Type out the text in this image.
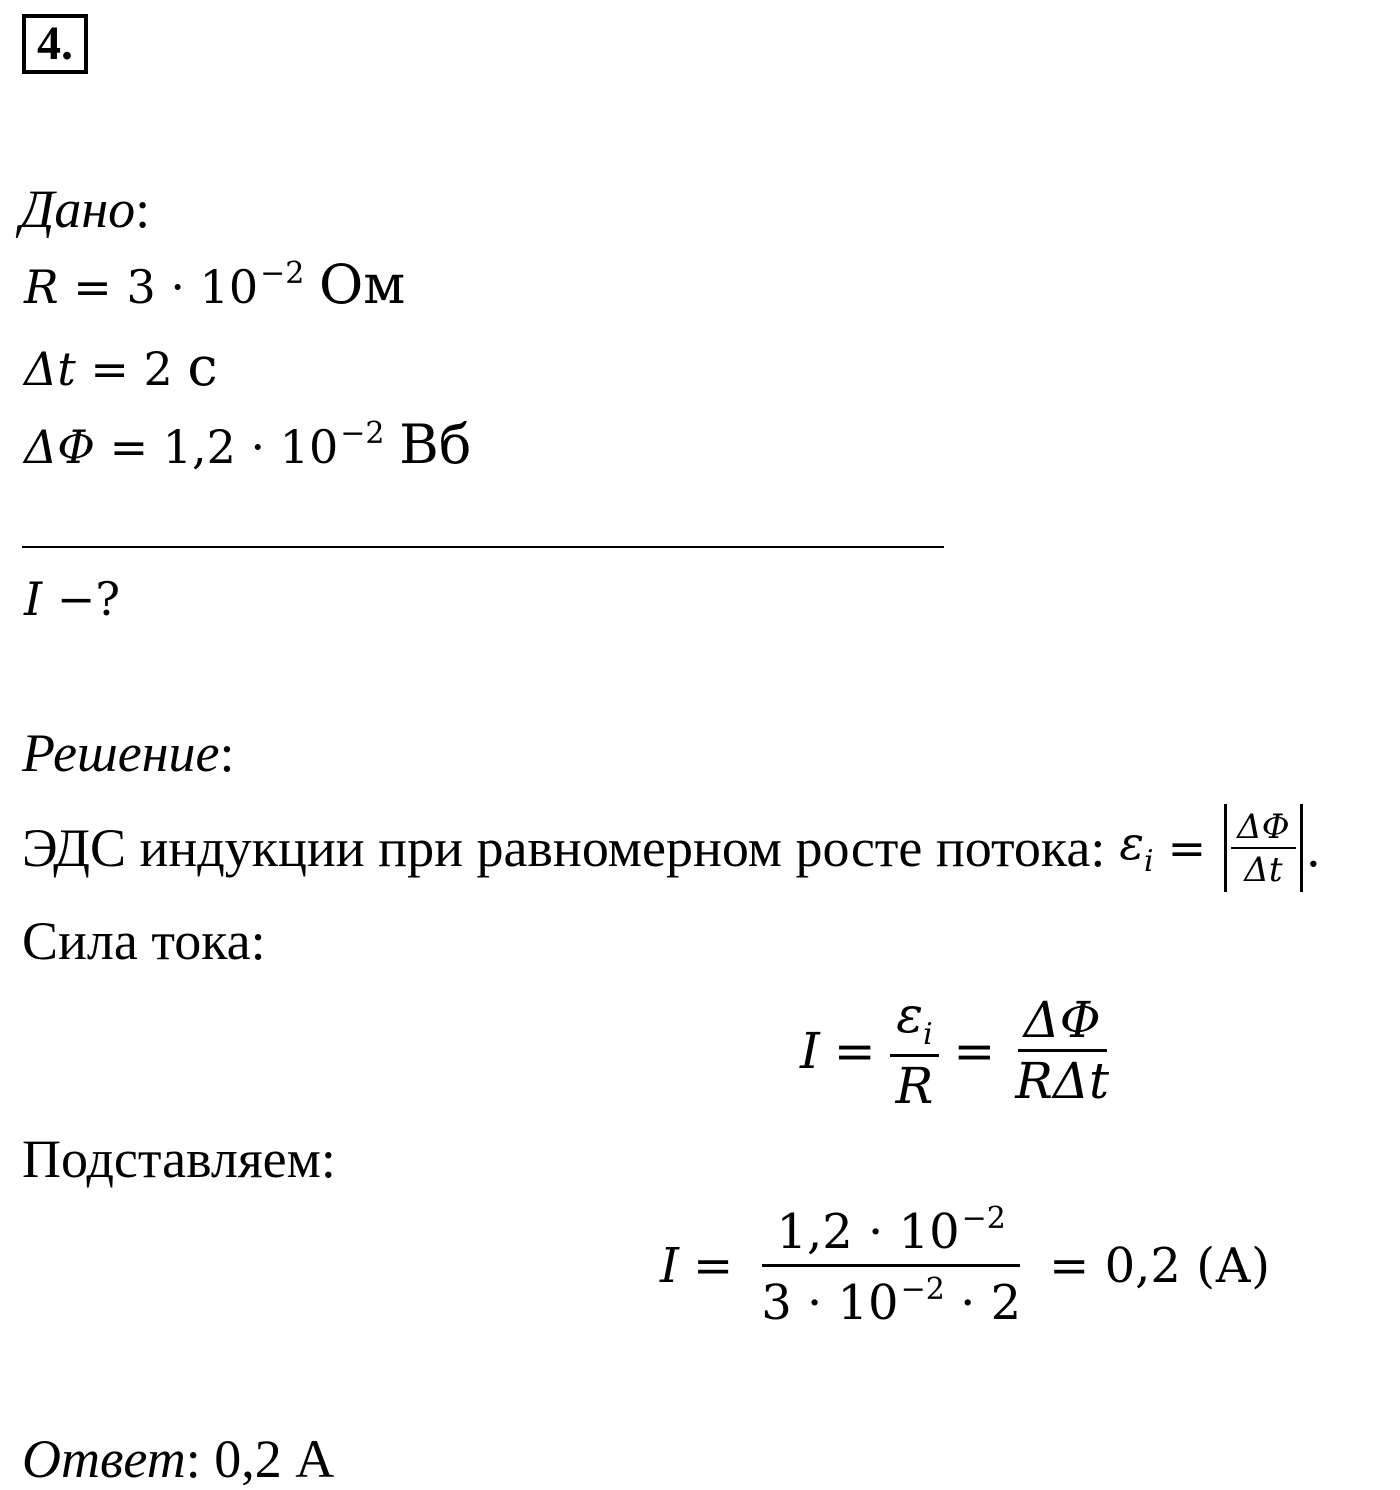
4.
Дано:
$R = 3 \cdot 10^{-2}$ Ом
Δt = 2 с
$\Delta\Phi = 1,2 \cdot 10^{-2}$ Вб
I −?
Решение:
ЭДС индукции при равномерном росте потока: $\varepsilon_i = \frac{\Delta\Phi}{\Delta t}$ .
Сила тока:
$I = \frac{\varepsilon_i}{R} = \frac{\Delta\Phi}{\text{RΔt}}$
Подставляем:
$I = \frac{1,2 \cdot 10^{-2}}{3 \cdot 10^{-2} \cdot 2} = 0,2$ (А)
Ответ: 0,2 А
